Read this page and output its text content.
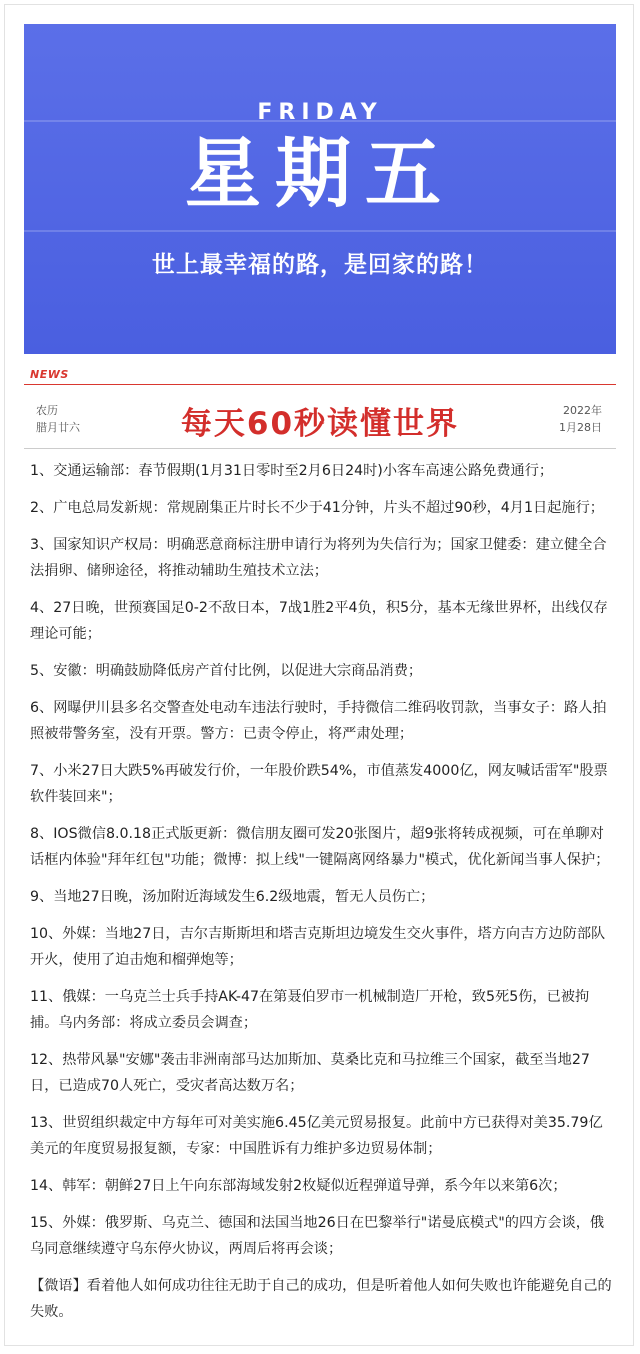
FRIDAY
星期五
世上最幸福的路，是回家的路！
NEWS
农历
腊月廿六	每天60秒读懂世界	2022年
1月28日
1、交通运输部：春节假期(1月31日零时至2月6日24时)小客车高速公路免费通行；
2、广电总局发新规：常规剧集正片时长不少于41分钟，片头不超过90秒，4月1日起施行；
3、国家知识产权局：明确恶意商标注册申请行为将列为失信行为；国家卫健委：建立健全合法捐卵、储卵途径，将推动辅助生殖技术立法；
4、27日晚，世预赛国足0-2不敌日本，7战1胜2平4负，积5分，基本无缘世界杯，出线仅存理论可能；
5、安徽：明确鼓励降低房产首付比例，以促进大宗商品消费；
6、网曝伊川县多名交警查处电动车违法行驶时，手持微信二维码收罚款，当事女子：路人拍照被带警务室，没有开票。警方：已责令停止，将严肃处理；
7、小米27日大跌5%再破发行价，一年股价跌54%，市值蒸发4000亿，网友喊话雷军"股票软件装回来"；
8、IOS微信8.0.18正式版更新：微信朋友圈可发20张图片，超9张将转成视频，可在单聊对话框内体验"拜年红包"功能；微博：拟上线"一键隔离网络暴力"模式，优化新闻当事人保护；
9、当地27日晚，汤加附近海域发生6.2级地震，暂无人员伤亡；
10、外媒：当地27日，吉尔吉斯斯坦和塔吉克斯坦边境发生交火事件，塔方向吉方边防部队开火，使用了迫击炮和榴弹炮等；
11、俄媒：一乌克兰士兵手持AK-47在第聂伯罗市一机械制造厂开枪，致5死5伤，已被拘捕。乌内务部：将成立委员会调查；
12、热带风暴"安娜"袭击非洲南部马达加斯加、莫桑比克和马拉维三个国家，截至当地27日，已造成70人死亡，受灾者高达数万名；
13、世贸组织裁定中方每年可对美实施6.45亿美元贸易报复。此前中方已获得对美35.79亿美元的年度贸易报复额，专家：中国胜诉有力维护多边贸易体制；
14、韩军：朝鲜27日上午向东部海域发射2枚疑似近程弹道导弹，系今年以来第6次；
15、外媒：俄罗斯、乌克兰、德国和法国当地26日在巴黎举行"诺曼底模式"的四方会谈，俄乌同意继续遵守乌东停火协议，两周后将再会谈；

【微语】看着他人如何成功往往无助于自己的成功，但是听着他人如何失败也许能避免自己的失败。
